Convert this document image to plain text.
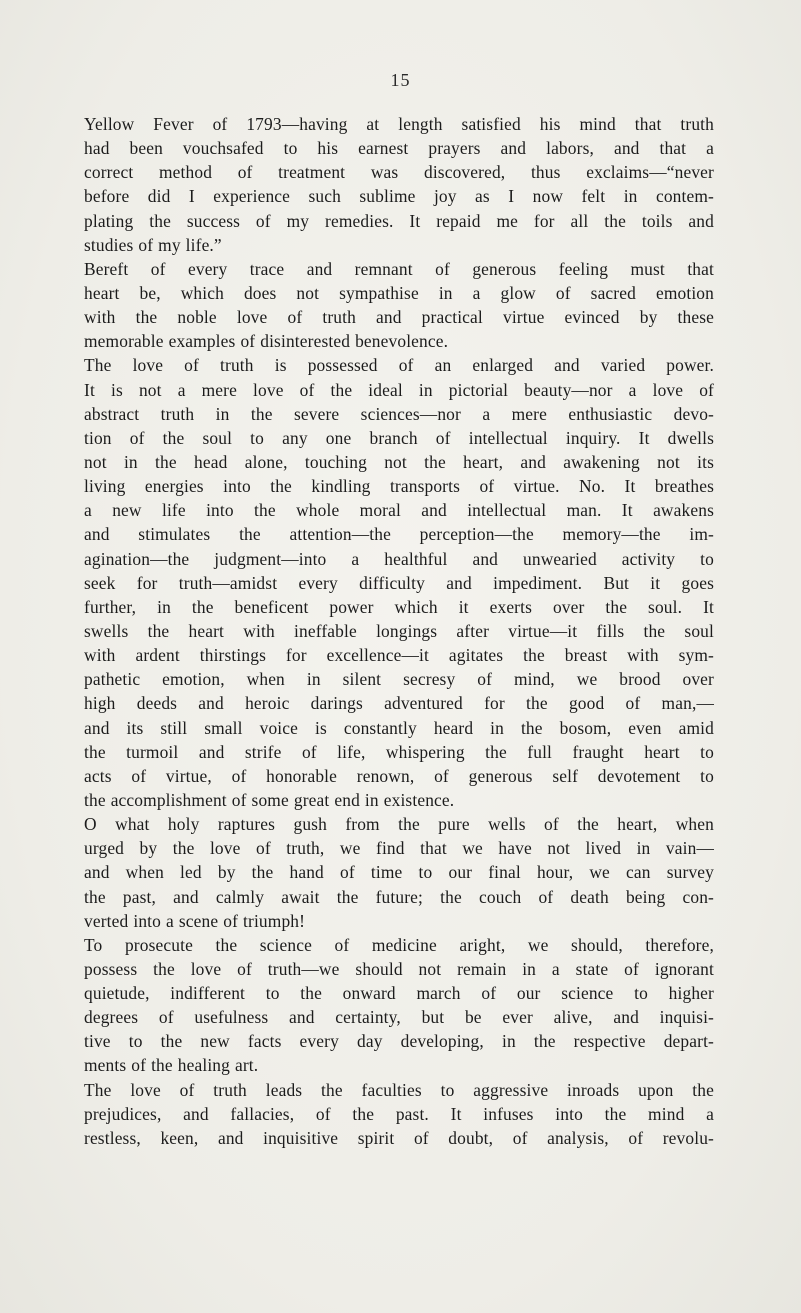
15
Yellow Fever of 1793—having at length satisfied his mind that truth
had been vouchsafed to his earnest prayers and labors, and that a
correct method of treatment was discovered, thus exclaims—“never
before did I experience such sublime joy as I now felt in contem-
plating the success of my remedies. It repaid me for all the toils and
studies of my life.”
Bereft of every trace and remnant of generous feeling must that
heart be, which does not sympathise in a glow of sacred emotion
with the noble love of truth and practical virtue evinced by these
memorable examples of disinterested benevolence.
The love of truth is possessed of an enlarged and varied power.
It is not a mere love of the ideal in pictorial beauty—nor a love of
abstract truth in the severe sciences—nor a mere enthusiastic devo-
tion of the soul to any one branch of intellectual inquiry. It dwells
not in the head alone, touching not the heart, and awakening not its
living energies into the kindling transports of virtue. No. It breathes
a new life into the whole moral and intellectual man. It awakens
and stimulates the attention—the perception—the memory—the im-
agination—the judgment—into a healthful and unwearied activity to
seek for truth—amidst every difficulty and impediment. But it goes
further, in the beneficent power which it exerts over the soul. It
swells the heart with ineffable longings after virtue—it fills the soul
with ardent thirstings for excellence—it agitates the breast with sym-
pathetic emotion, when in silent secresy of mind, we brood over
high deeds and heroic darings adventured for the good of man,—
and its still small voice is constantly heard in the bosom, even amid
the turmoil and strife of life, whispering the full fraught heart to
acts of virtue, of honorable renown, of generous self devotement to
the accomplishment of some great end in existence.
O what holy raptures gush from the pure wells of the heart, when
urged by the love of truth, we find that we have not lived in vain—
and when led by the hand of time to our final hour, we can survey
the past, and calmly await the future; the couch of death being con-
verted into a scene of triumph!
To prosecute the science of medicine aright, we should, therefore,
possess the love of truth—we should not remain in a state of ignorant
quietude, indifferent to the onward march of our science to higher
degrees of usefulness and certainty, but be ever alive, and inquisi-
tive to the new facts every day developing, in the respective depart-
ments of the healing art.
The love of truth leads the faculties to aggressive inroads upon the
prejudices, and fallacies, of the past. It infuses into the mind a
restless, keen, and inquisitive spirit of doubt, of analysis, of revolu-
